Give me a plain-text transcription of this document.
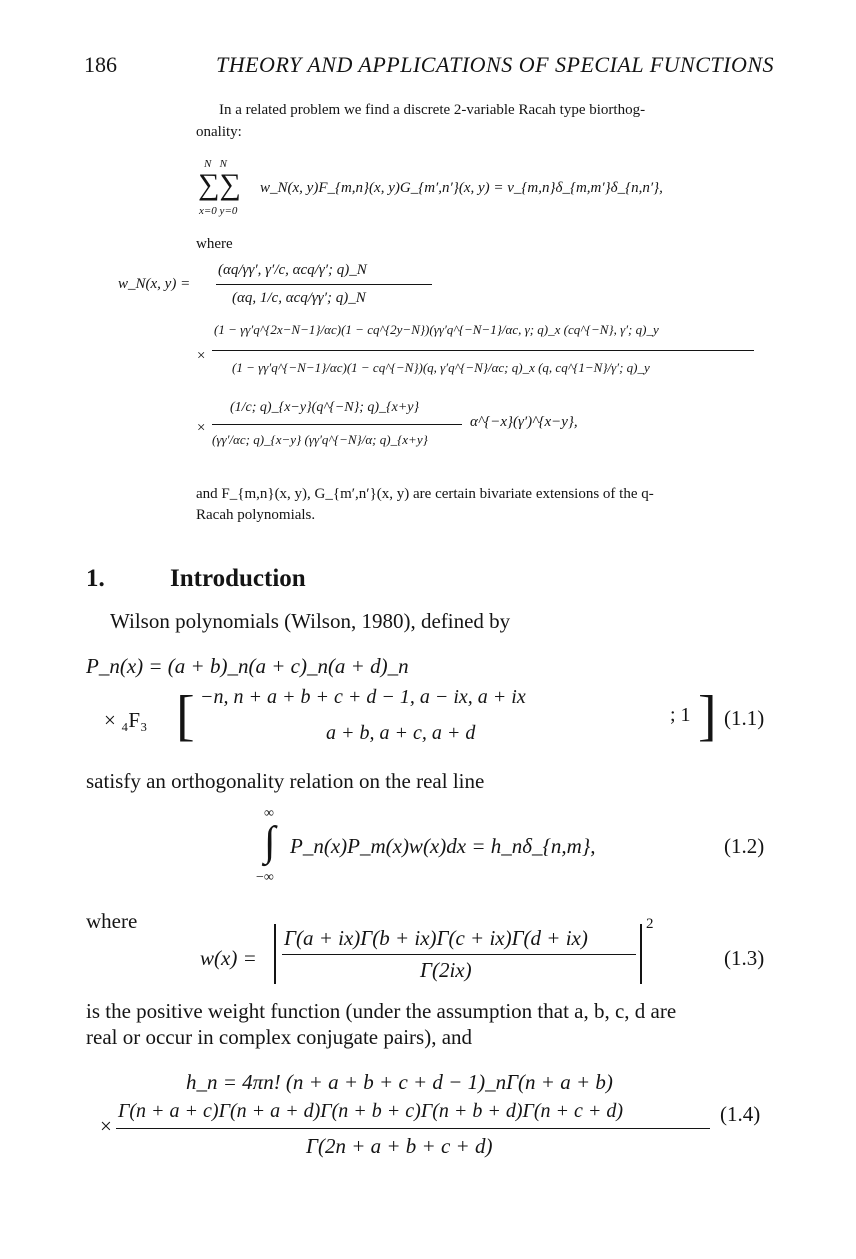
186	THEORY AND APPLICATIONS OF SPECIAL FUNCTIONS
In a related problem we find a discrete 2-variable Racah type biorthog-
onality:
N   N
∑∑ w_N(x, y)F_{m,n}(x, y)G_{m′,n′}(x, y) = ν_{m,n}δ_{m,m′}δ_{n,n′},
x=0 y=0
where
w_N(x, y) =
(αq/γγ′, γ′/c, αcq/γ′; q)_N
(αq, 1/c, αcq/γγ′; q)_N
×
(1 − γγ′q^{2x−N−1}/αc)(1 − cq^{2y−N})(γγ′q^{−N−1}/αc, γ; q)_x (cq^{−N}, γ′; q)_y
(1 − γγ′q^{−N−1}/αc)(1 − cq^{−N})(q, γ′q^{−N}/αc; q)_x (q, cq^{1−N}/γ′; q)_y
×
(1/c; q)_{x−y}(q^{−N}; q)_{x+y}
(γγ′/αc; q)_{x−y} (γγ′q^{−N}/α; q)_{x+y}
α^{−x}(γ′)^{x−y},
and F_{m,n}(x, y), G_{m′,n′}(x, y) are certain bivariate extensions of the q-
Racah polynomials.
1.	Introduction
Wilson polynomials (Wilson, 1980), defined by
P_n(x) = (a + b)_n(a + c)_n(a + d)_n
× ₄F₃ [ −n, n + a + b + c + d − 1, a − ix, a + ix
a + b, a + c, a + d
; 1 ] (1.1)
satisfy an orthogonality relation on the real line
∞
∫ P_n(x)P_m(x)w(x)dx = h_nδ_{n,m},
−∞
(1.2)
where
w(x) =
Γ(a + ix)Γ(b + ix)Γ(c + ix)Γ(d + ix)
Γ(2ix)
2
(1.3)
is the positive weight function (under the assumption that a, b, c, d are
real or occur in complex conjugate pairs), and
h_n = 4πn! (n + a + b + c + d − 1)_nΓ(n + a + b)
×
Γ(n + a + c)Γ(n + a + d)Γ(n + b + c)Γ(n + b + d)Γ(n + c + d)
Γ(2n + a + b + c + d)
(1.4)
